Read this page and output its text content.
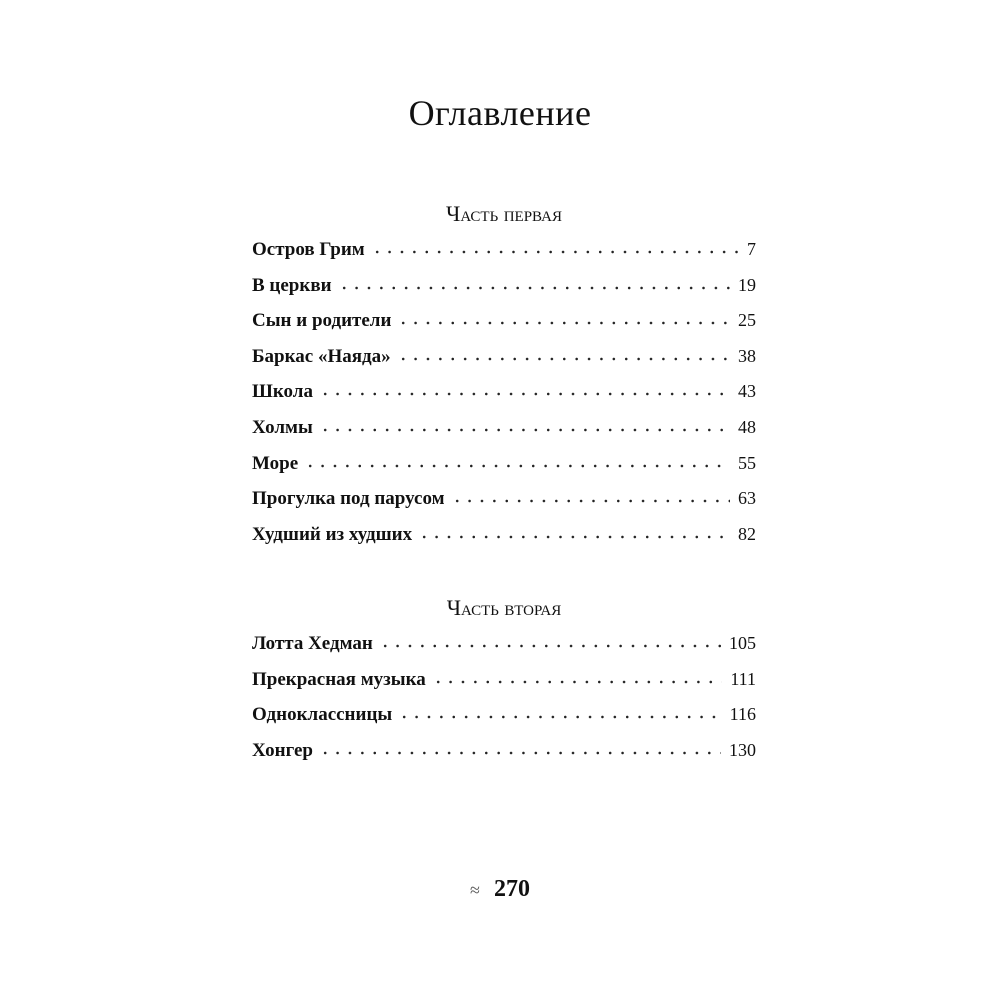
Оглавление
Часть первая
Остров Грим	7
В церкви	19
Сын и родители	25
Баркас «Наяда»	38
Школа	43
Холмы	48
Море	55
Прогулка под парусом	63
Худший из худших	82
Часть вторая
Лотта Хедман	105
Прекрасная музыка	111
Одноклассницы	116
Хонгер	130
≈ 270
